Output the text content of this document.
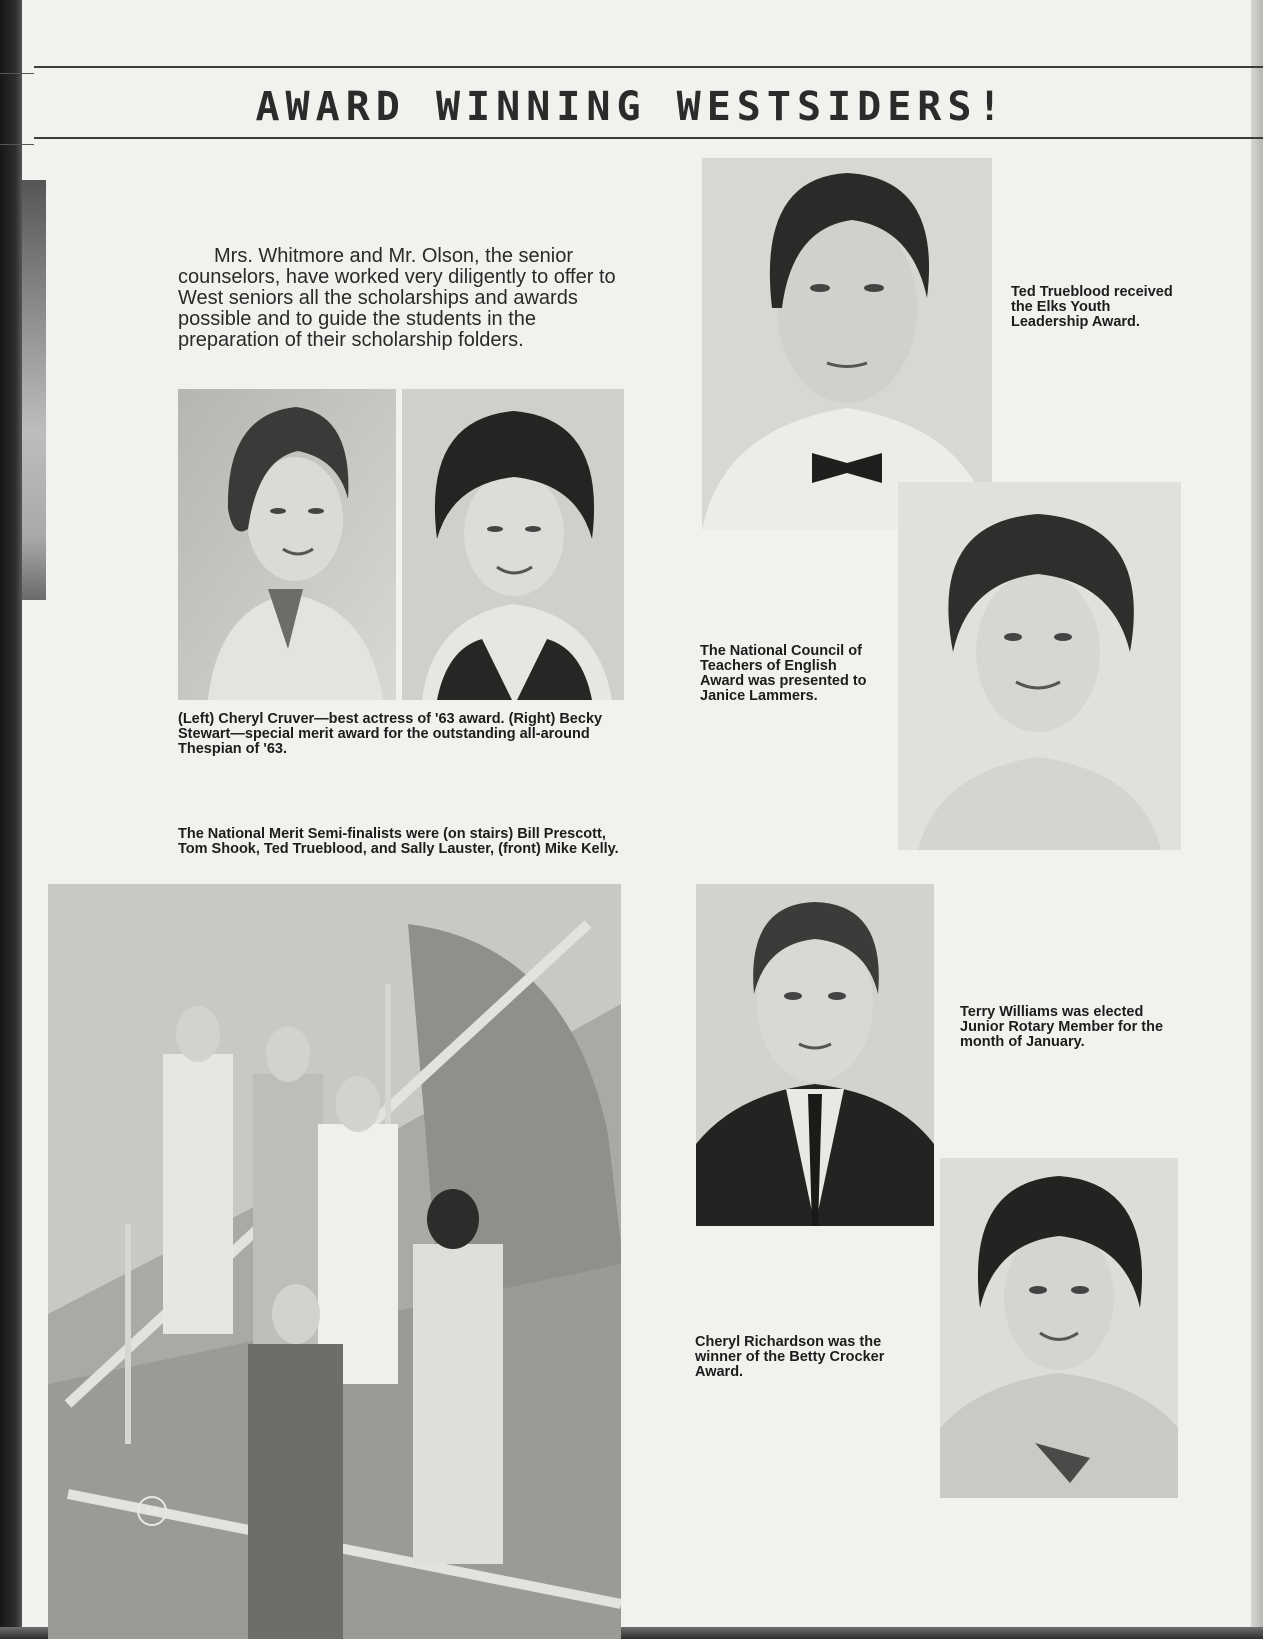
AWARD WINNING WESTSIDERS!

Mrs. Whitmore and Mr. Olson, the senior counselors, have worked very diligently to offer to West seniors all the scholarships and awards possible and to guide the students in the preparation of their scholarship folders.

(Left) Cheryl Cruver—best actress of '63 award. (Right) Becky Stewart—special merit award for the outstanding all-around Thespian of '63.

The National Merit Semi-finalists were (on stairs) Bill Prescott, Tom Shook, Ted Trueblood, and Sally Lauster, (front) Mike Kelly.

64

Ted Trueblood received the Elks Youth Leadership Award.

The National Council of Teachers of English Award was presented to Janice Lammers.

Terry Williams was elected Junior Rotary Member for the month of January.

Cheryl Richardson was the winner of the Betty Crocker Award.
